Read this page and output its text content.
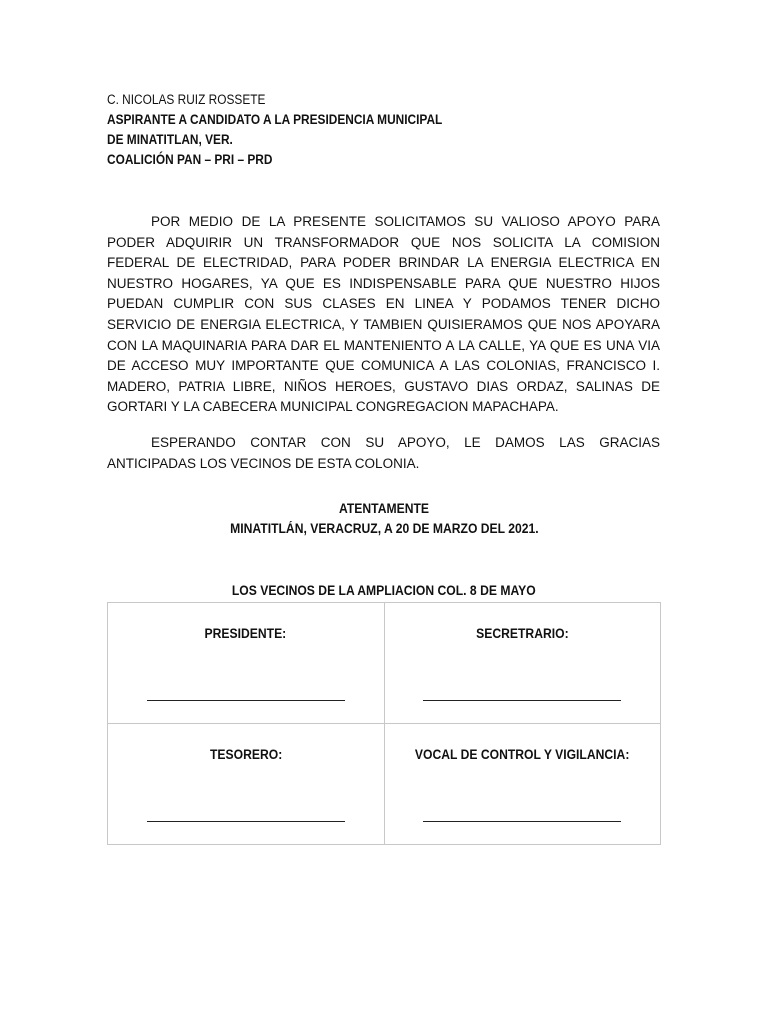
C. NICOLAS RUIZ ROSSETE
ASPIRANTE A CANDIDATO A LA PRESIDENCIA MUNICIPAL
DE MINATITLAN, VER.
COALICIÓN PAN – PRI – PRD

POR MEDIO DE LA PRESENTE SOLICITAMOS SU VALIOSO APOYO PARA PODER ADQUIRIR UN TRANSFORMADOR QUE NOS SOLICITA LA COMISION FEDERAL DE ELECTRIDAD, PARA PODER BRINDAR LA ENERGIA ELECTRICA EN NUESTRO HOGARES, YA QUE ES INDISPENSABLE PARA QUE NUESTRO HIJOS PUEDAN CUMPLIR CON SUS CLASES EN LINEA Y PODAMOS TENER DICHO SERVICIO DE ENERGIA ELECTRICA, Y TAMBIEN QUISIERAMOS QUE NOS APOYARA CON LA MAQUINARIA PARA DAR EL MANTENIENTO A LA CALLE, YA QUE ES UNA VIA DE ACCESO MUY IMPORTANTE QUE COMUNICA A LAS COLONIAS, FRANCISCO I. MADERO, PATRIA LIBRE, NIÑOS HEROES, GUSTAVO DIAS ORDAZ, SALINAS DE GORTARI Y LA CABECERA MUNICIPAL CONGREGACION MAPACHAPA.

ESPERANDO CONTAR CON SU APOYO, LE DAMOS LAS GRACIAS ANTICIPADAS LOS VECINOS DE ESTA COLONIA.

ATENTAMENTE
MINATITLÁN, VERACRUZ, A 20 DE MARZO DEL 2021.
LOS VECINOS DE LA AMPLIACION COL. 8 DE MAYO
PRESIDENTE:	SECRETRARIO:

TESORERO:	VOCAL DE CONTROL Y VIGILANCIA:
